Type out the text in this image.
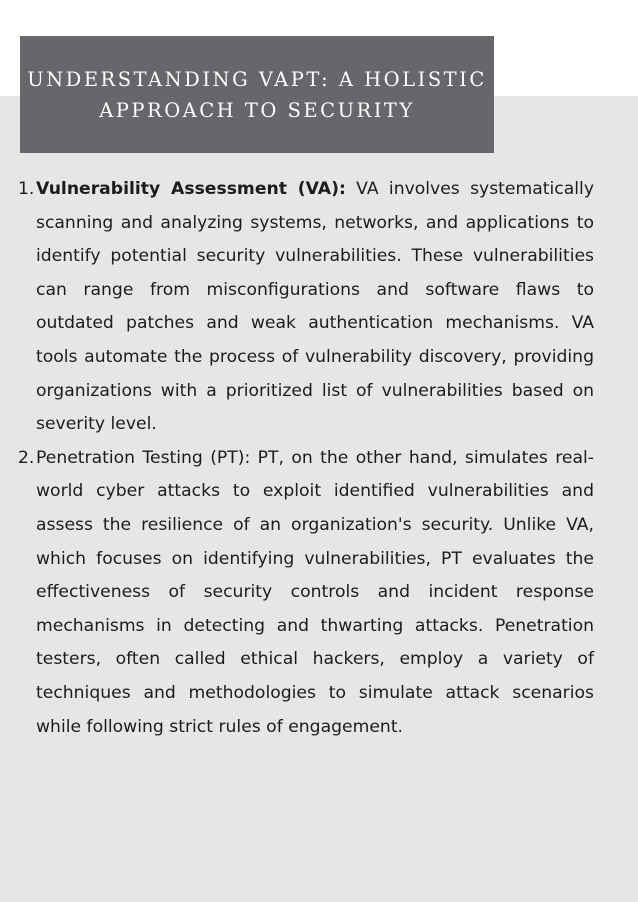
UNDERSTANDING VAPT: A HOLISTIC APPROACH TO SECURITY
1. Vulnerability Assessment (VA): VA involves systematically scanning and analyzing systems, networks, and applications to identify potential security vulnerabilities. These vulnerabilities can range from misconfigurations and software flaws to outdated patches and weak authentication mechanisms. VA tools automate the process of vulnerability discovery, providing organizations with a prioritized list of vulnerabilities based on severity level.
2. Penetration Testing (PT): PT, on the other hand, simulates real-world cyber attacks to exploit identified vulnerabilities and assess the resilience of an organization's security. Unlike VA, which focuses on identifying vulnerabilities, PT evaluates the effectiveness of security controls and incident response mechanisms in detecting and thwarting attacks. Penetration testers, often called ethical hackers, employ a variety of techniques and methodologies to simulate attack scenarios while following strict rules of engagement.
